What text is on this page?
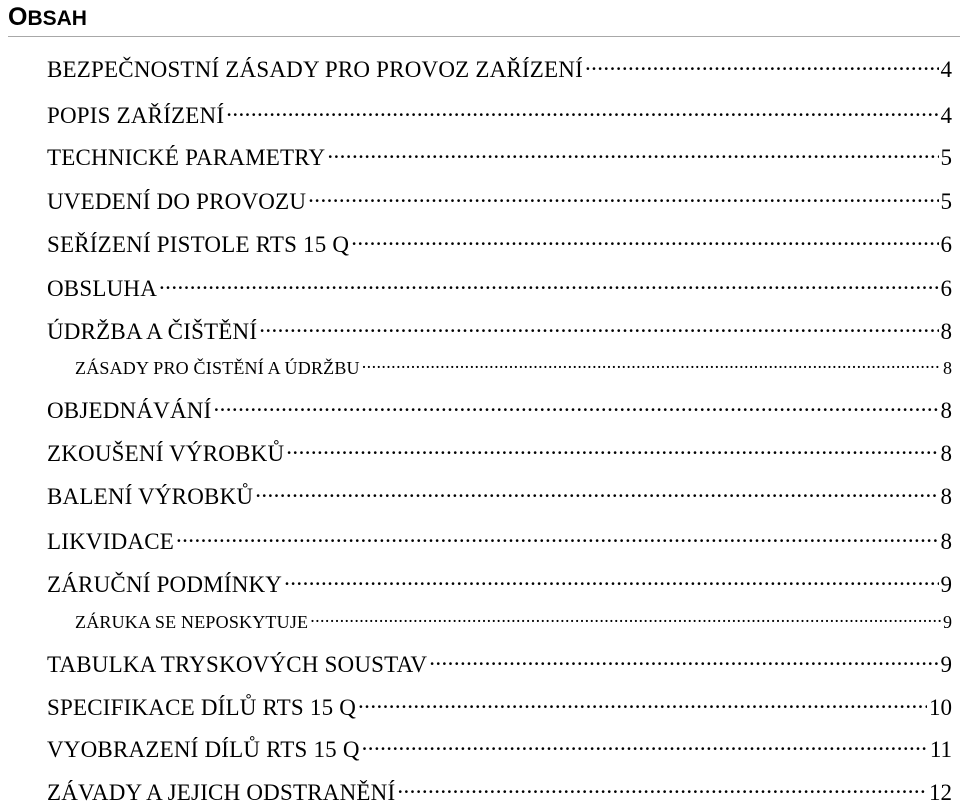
OBSAH
BEZPEČNOSTNÍ ZÁSADY PRO PROVOZ ZAŘÍZENÍ .....	4
POPIS ZAŘÍZENÍ .....	4
TECHNICKÉ PARAMETRY .....	5
UVEDENÍ DO PROVOZU .....	5
SEŘÍZENÍ PISTOLE RTS 15 Q .....	6
OBSLUHA .....	6
ÚDRŽBA A ČIŠTĚNÍ .....	8
ZÁSADY PRO ČISTĚNÍ A ÚDRŽBU .....	8
OBJEDNÁVÁNÍ .....	8
ZKOUŠENÍ VÝROBKŮ .....	8
BALENÍ VÝROBKŮ .....	8
LIKVIDACE .....	8
ZÁRUČNÍ PODMÍNKY .....	9
ZÁRUKA SE NEPOSKYTUJE .....	9
TABULKA TRYSKOVÝCH SOUSTAV .....	9
SPECIFIKACE DÍLŮ RTS 15 Q .....	10
VYOBRAZENÍ DÍLŮ RTS 15 Q .....	11
ZÁVADY A JEJICH ODSTRANĚNÍ .....	12
